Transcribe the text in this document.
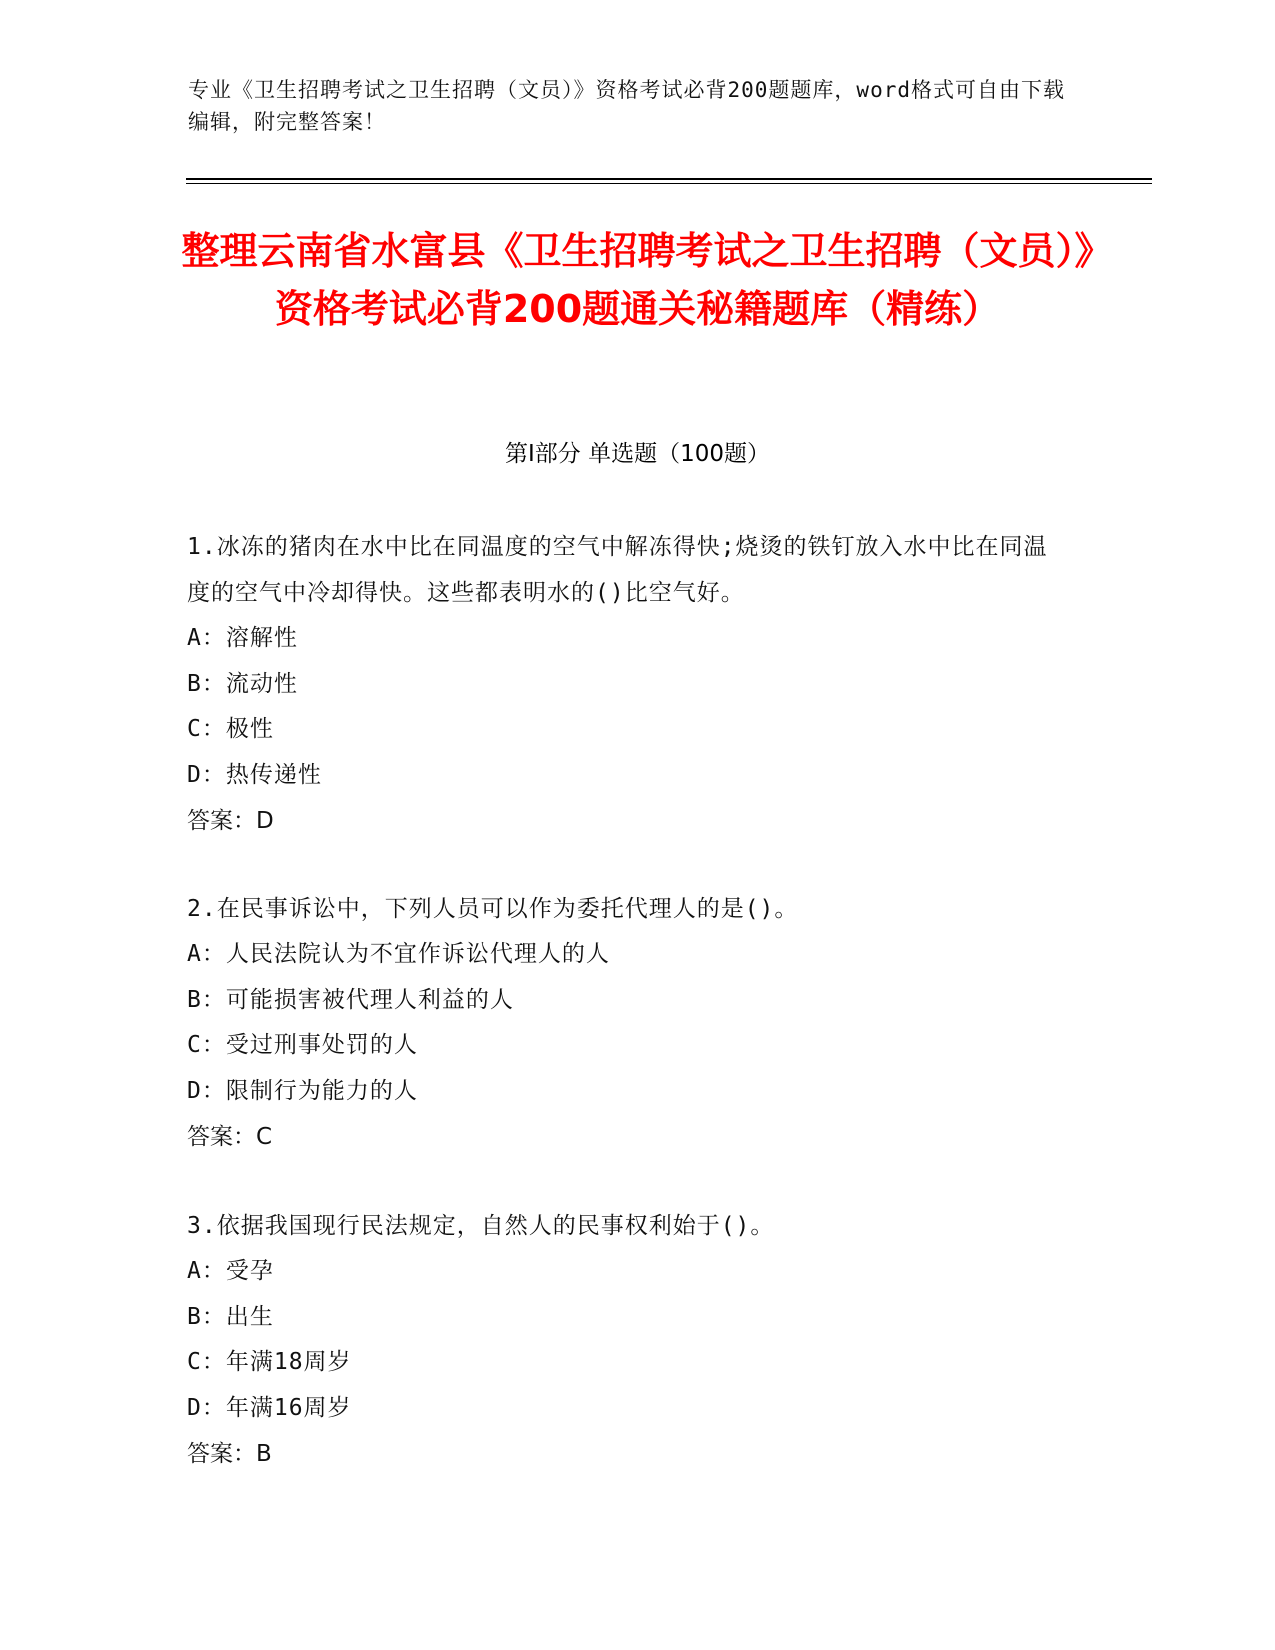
专业《卫生招聘考试之卫生招聘（文员）》资格考试必背200题题库，word格式可自由下载编辑，附完整答案！
整理云南省水富县《卫生招聘考试之卫生招聘（文员）》资格考试必背200题通关秘籍题库（精练）
第I部分 单选题（100题）
1.冰冻的猪肉在水中比在同温度的空气中解冻得快;烧烫的铁钉放入水中比在同温度的空气中冷却得快。这些都表明水的()比空气好。
A：溶解性
B：流动性
C：极性
D：热传递性
答案：D
2.在民事诉讼中，下列人员可以作为委托代理人的是()。
A：人民法院认为不宜作诉讼代理人的人
B：可能损害被代理人利益的人
C：受过刑事处罚的人
D：限制行为能力的人
答案：C
3.依据我国现行民法规定，自然人的民事权利始于()。
A：受孕
B：出生
C：年满18周岁
D：年满16周岁
答案：B
